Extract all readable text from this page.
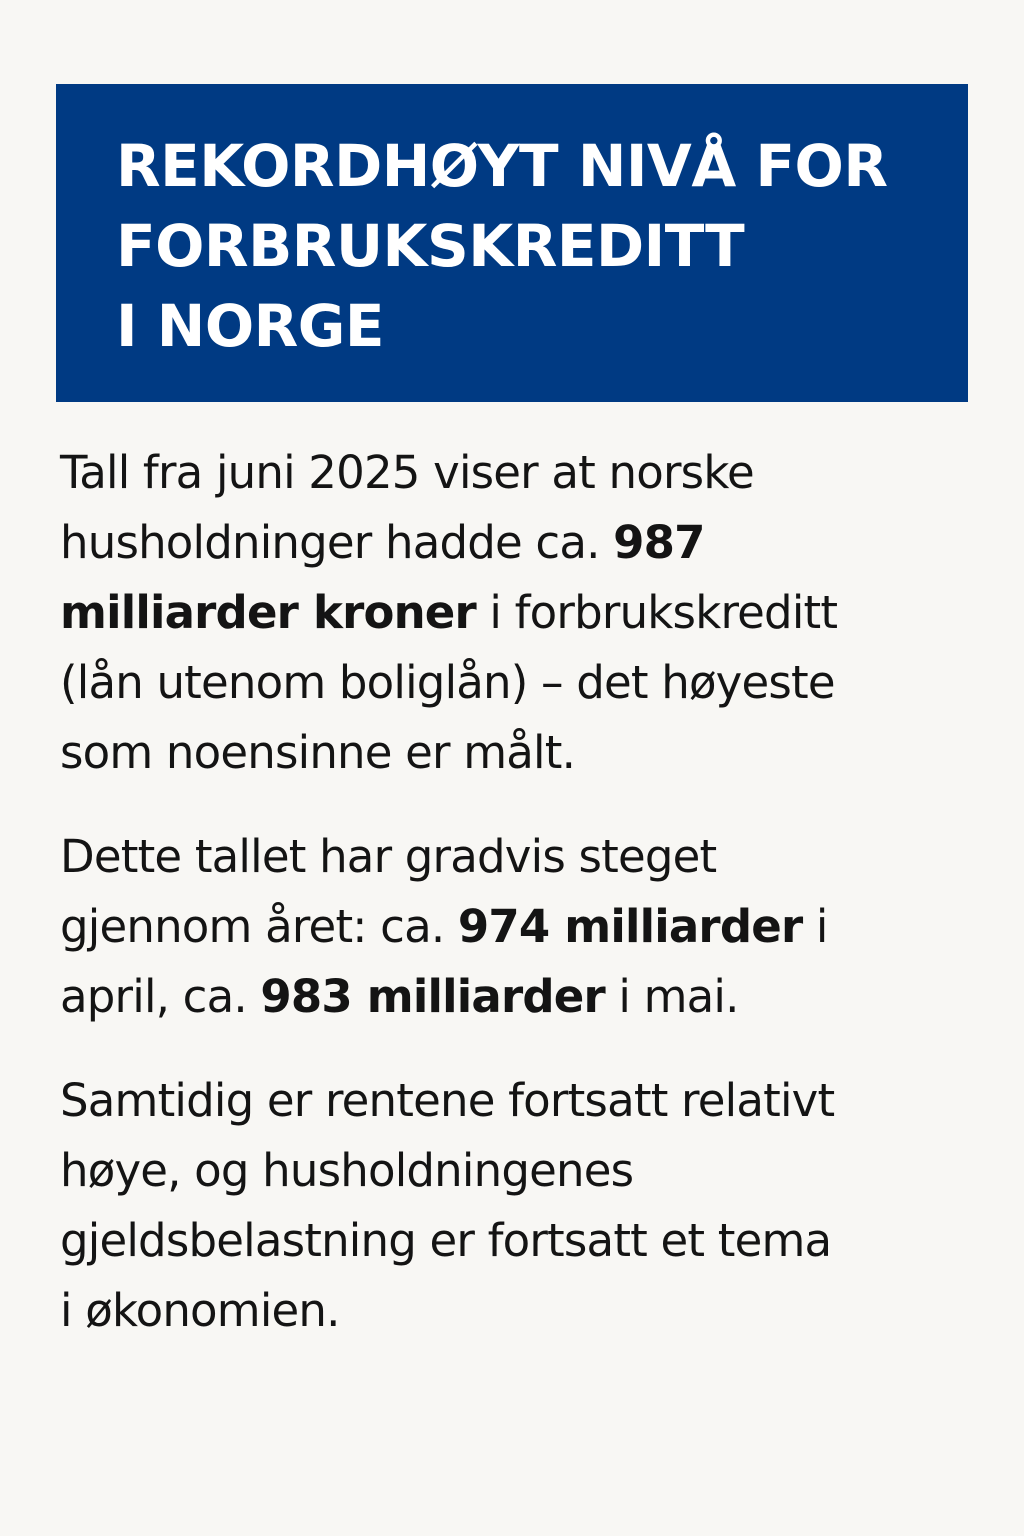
REKORDHØYT NIVÅ FOR
FORBRUKSKREDITT
I NORGE
Tall fra juni 2025 viser at norske
husholdninger hadde ca. 987
milliarder kroner i forbrukskreditt
(lån utenom boliglån) – det høyeste
som noensinne er målt.
Dette tallet har gradvis steget
gjennom året: ca. 974 milliarder i
april, ca. 983 milliarder i mai.
Samtidig er rentene fortsatt relativt
høye, og husholdningenes
gjeldsbelastning er fortsatt et tema
i økonomien.
